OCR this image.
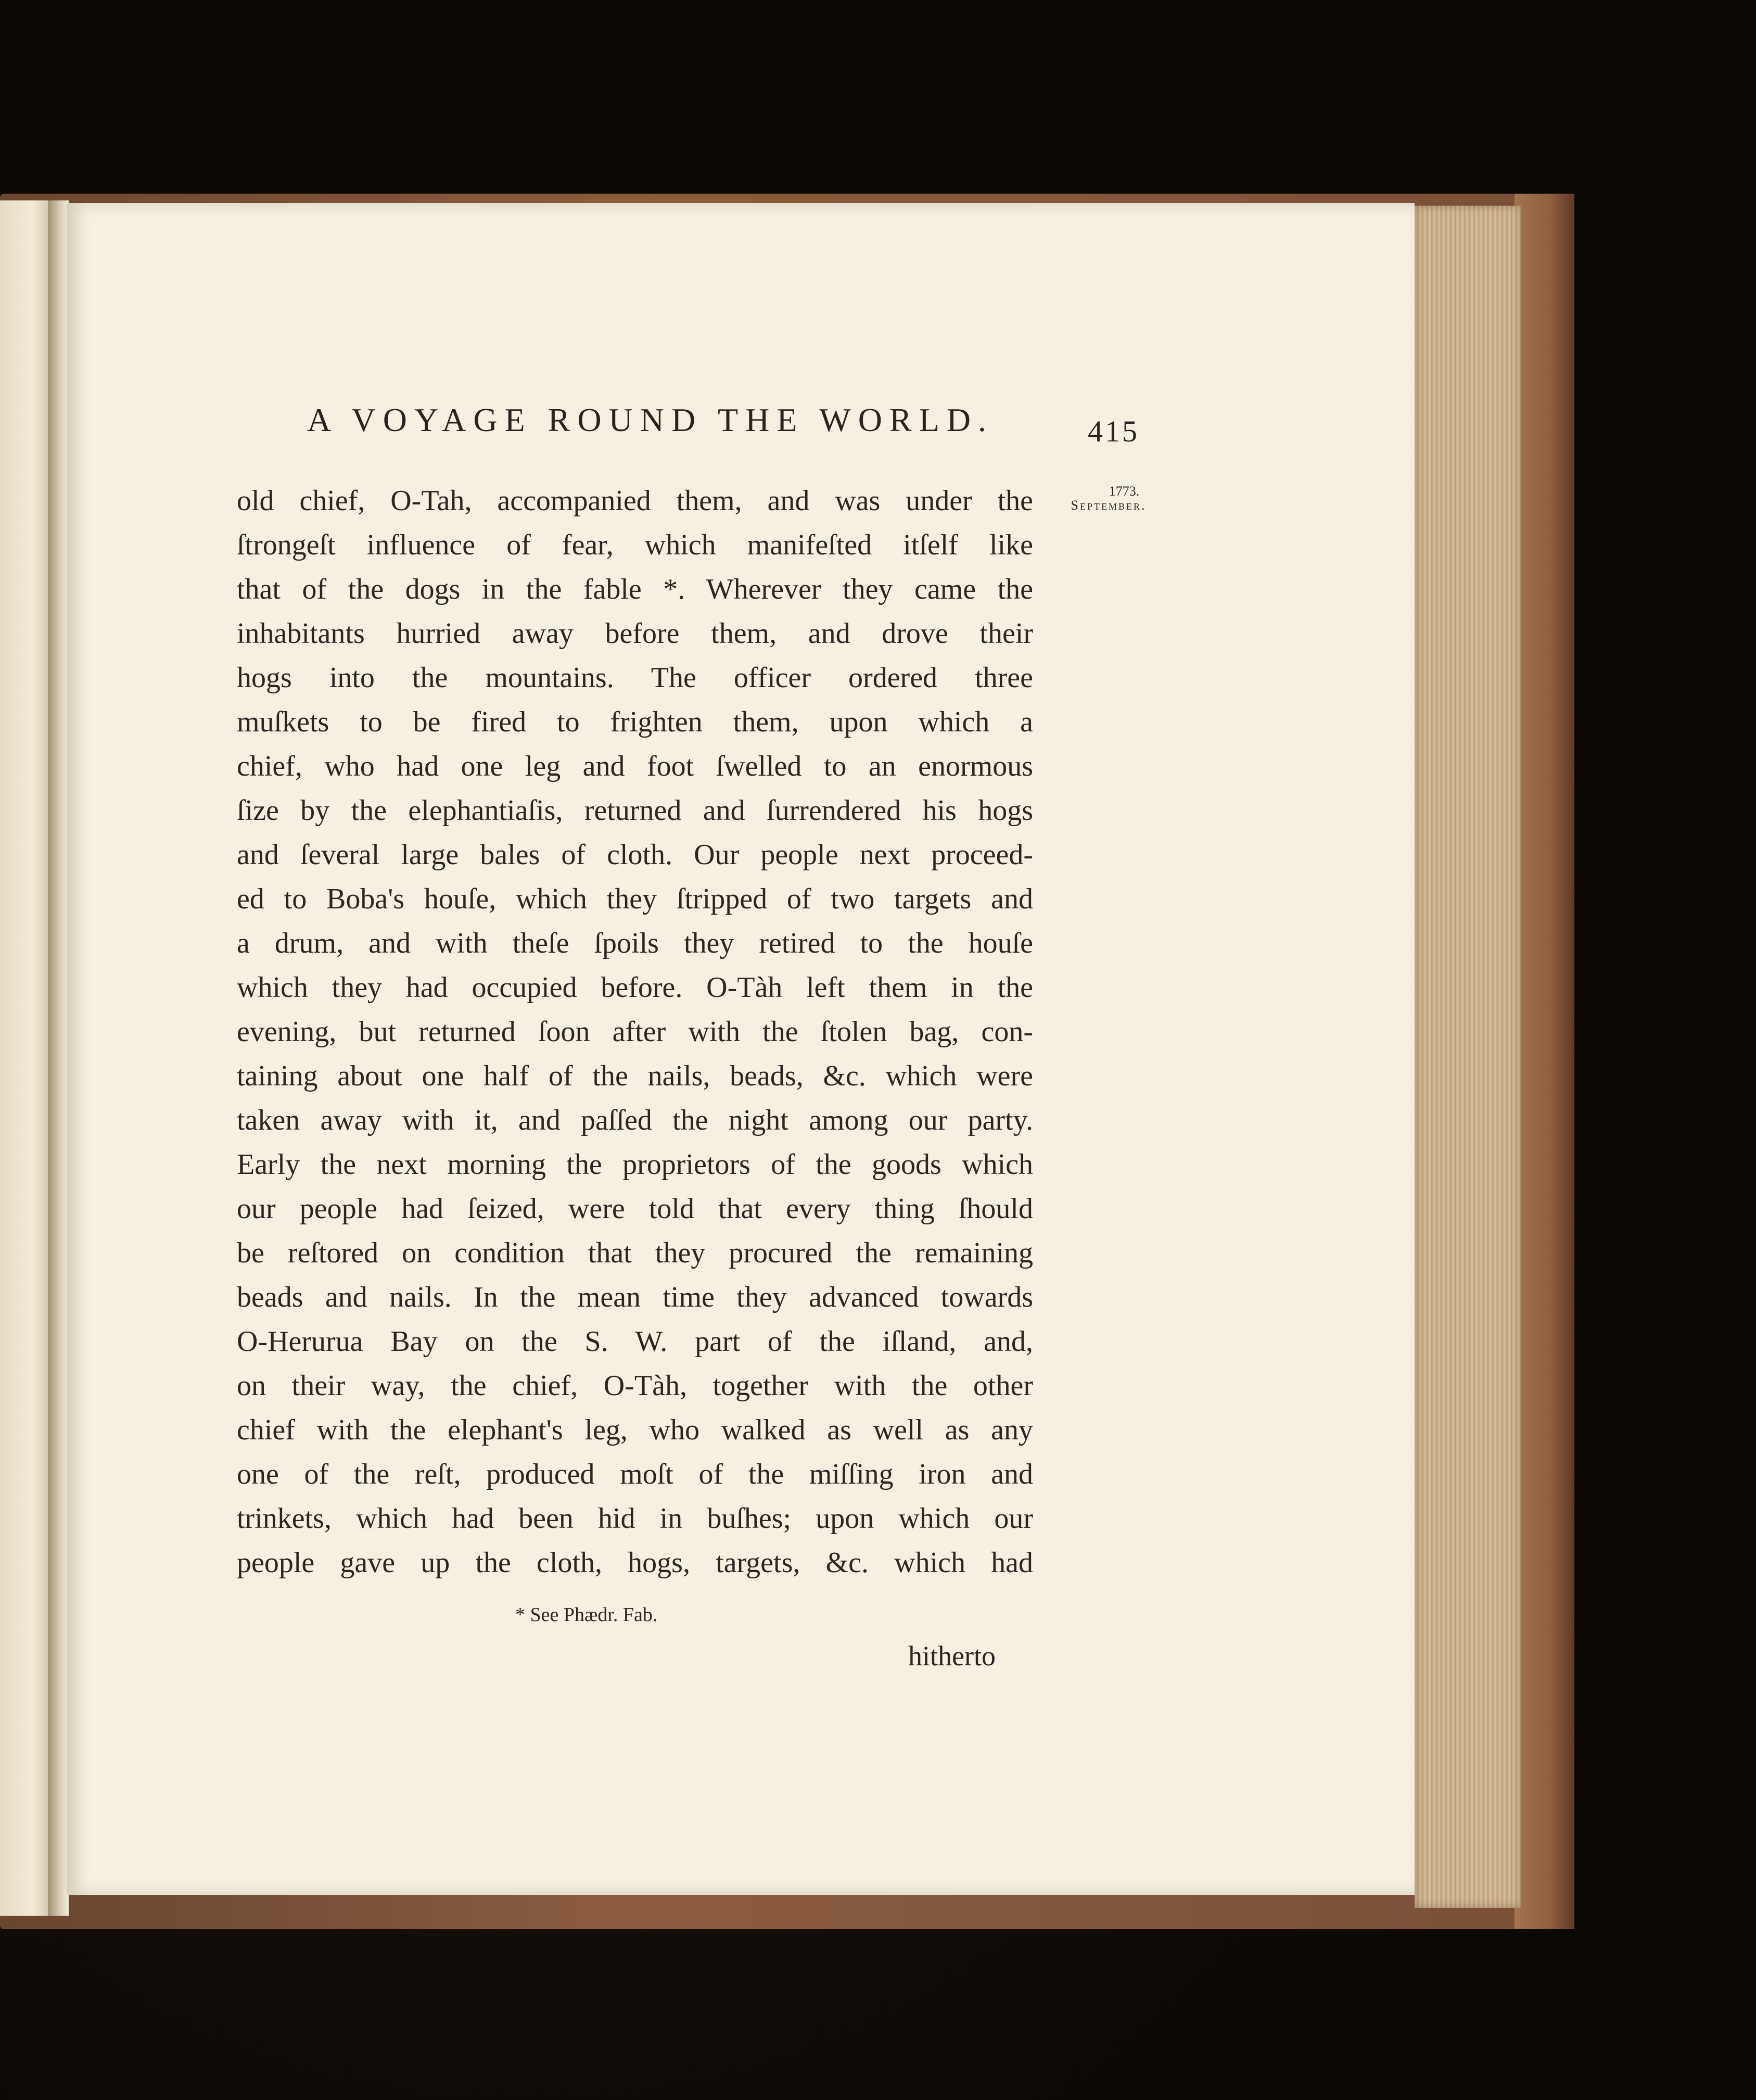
A VOYAGE ROUND THE WORLD.	415
1773.
September.
old chief, O-Tah, accompanied them, and was under the
ſtrongeſt influence of fear, which manifeſted itſelf like
that of the dogs in the fable *. Wherever they came the
inhabitants hurried away before them, and drove their
hogs into the mountains. The officer ordered three
muſkets to be fired to frighten them, upon which a
chief, who had one leg and foot ſwelled to an enormous
ſize by the elephantiaſis, returned and ſurrendered his hogs
and ſeveral large bales of cloth. Our people next proceed-
ed to Boba's houſe, which they ſtripped of two targets and
a drum, and with theſe ſpoils they retired to the houſe
which they had occupied before. O-Tàh left them in the
evening, but returned ſoon after with the ſtolen bag, con-
taining about one half of the nails, beads, &c. which were
taken away with it, and paſſed the night among our party.
Early the next morning the proprietors of the goods which
our people had ſeized, were told that every thing ſhould
be reſtored on condition that they procured the remaining
beads and nails. In the mean time they advanced towards
O-Herurua Bay on the S. W. part of the iſland, and,
on their way, the chief, O-Tàh, together with the other
chief with the elephant's leg, who walked as well as any
one of the reſt, produced moſt of the miſſing iron and
trinkets, which had been hid in buſhes; upon which our
people gave up the cloth, hogs, targets, &c. which had
* See Phædr. Fab.
hitherto
